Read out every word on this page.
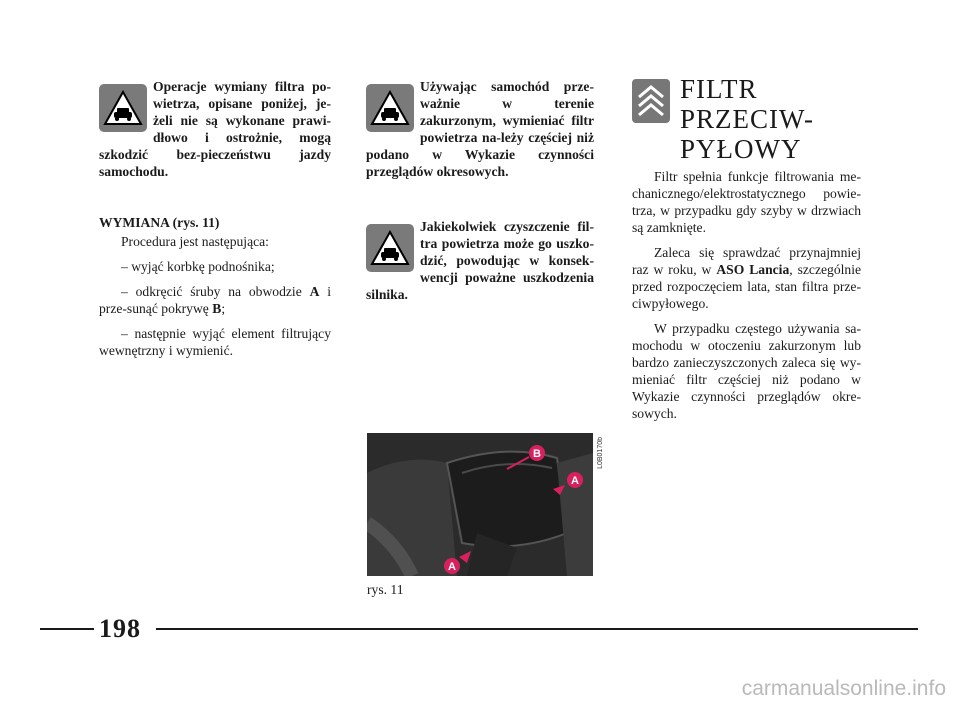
Operacje wymiany filtra po-wietrza, opisane poniżej, je-żeli nie są wykonane prawi-dłowo i ostrożnie, mogą szkodzić bez-pieczeństwu jazdy samochodu.

WYMIANA (rys. 11)

Procedura jest następująca:

– wyjąć korbkę podnośnika;

– odkręcić śruby na obwodzie A i prze-sunąć pokrywę B;

– następnie wyjąć element filtrujący wewnętrzny i wymienić.

Używając samochód prze-ważnie w terenie zakurzonym, wymieniać filtr powietrza na-leży częściej niż podano w Wykazie czynności przeglądów okresowych.
Jakiekolwiek czyszczenie fil-tra powietrza może go uszko-dzić, powodując w konsek-wencji poważne uszkodzenia silnika.
B
A
A
L0B0170b
rys. 11
FILTR
PRZECIW-
PYŁOWY

Filtr spełnia funkcje filtrowania me-chanicznego/elektrostatycznego powie-trza, w przypadku gdy szyby w drzwiach są zamknięte.

Zaleca się sprawdzać przynajmniej raz w roku, w ASO Lancia, szczególnie przed rozpoczęciem lata, stan filtra prze-ciwpyłowego.

W przypadku częstego używania sa-mochodu w otoczeniu zakurzonym lub bardzo zanieczyszczonych zaleca się wy-mieniać filtr częściej niż podano w Wykazie czynności przeglądów okre-sowych.

198
carmanualsonline.info
